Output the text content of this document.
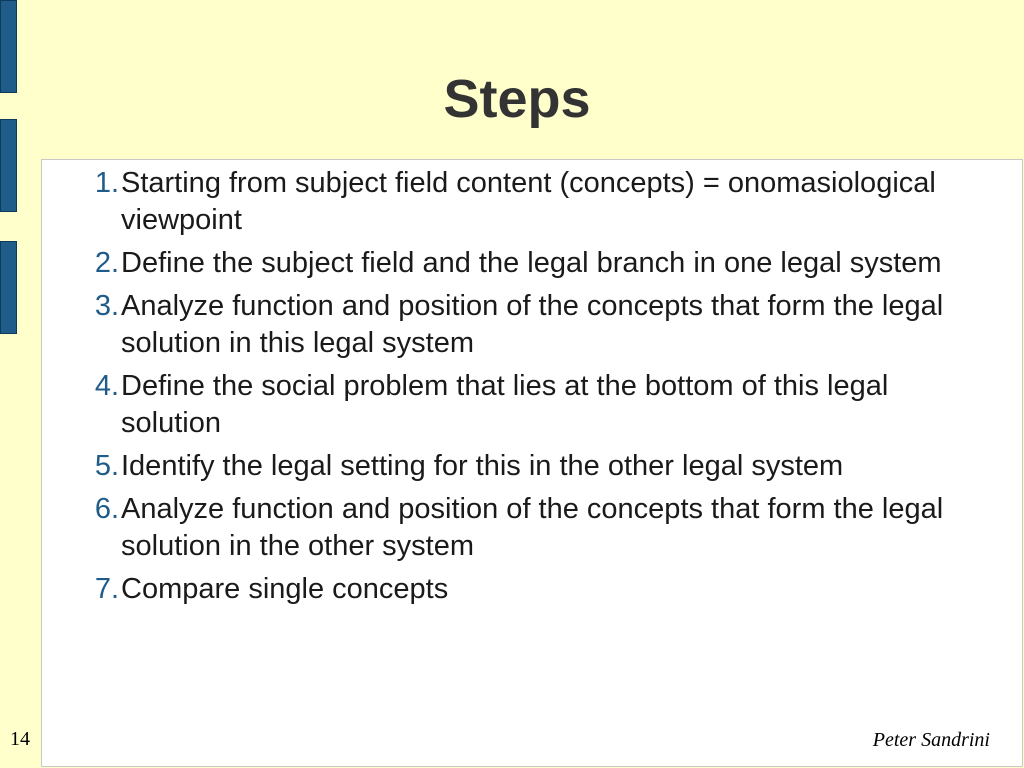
Steps
1. Starting from subject field content (concepts) = onomasiological viewpoint
2. Define the subject field and the legal branch in one legal system
3. Analyze function and position of the concepts that form the legal solution in this legal system
4. Define the social problem that lies at the bottom of this legal solution
5. Identify the legal setting for this in the other legal system
6. Analyze function and position of the concepts that form the legal solution in the other system
7. Compare single concepts
14	Peter Sandrini
